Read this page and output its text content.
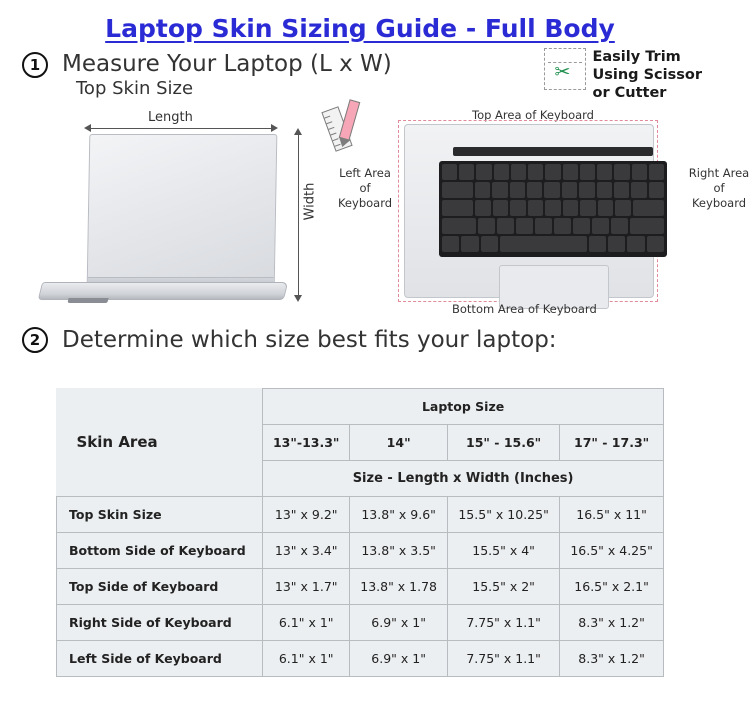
Laptop Skin Sizing Guide - Full Body
1 Measure Your Laptop (L x W)
Top Skin Size
✂
Easily Trim
Using Scissor
or Cutter
Length
Width
Top Area of Keyboard
Left Area of Keyboard
Right Area of Keyboard
Bottom Area of Keyboard
2 Determine which size best fits your laptop:
Skin Area	Laptop Size			
	13"-13.3"	14"	15" - 15.6"	17" - 17.3"
	Size - Length x Width (Inches)			
Top Skin Size	13" x 9.2"	13.8" x 9.6"	15.5" x 10.25"	16.5" x 11"
Bottom Side of Keyboard	13" x 3.4"	13.8" x 3.5"	15.5" x 4"	16.5" x 4.25"
Top Side of Keyboard	13" x 1.7"	13.8" x 1.78	15.5" x 2"	16.5" x 2.1"
Right Side of Keyboard	6.1" x 1"	6.9" x 1"	7.75" x 1.1"	8.3" x 1.2"
Left Side of Keyboard	6.1" x 1"	6.9" x 1"	7.75" x 1.1"	8.3" x 1.2"
